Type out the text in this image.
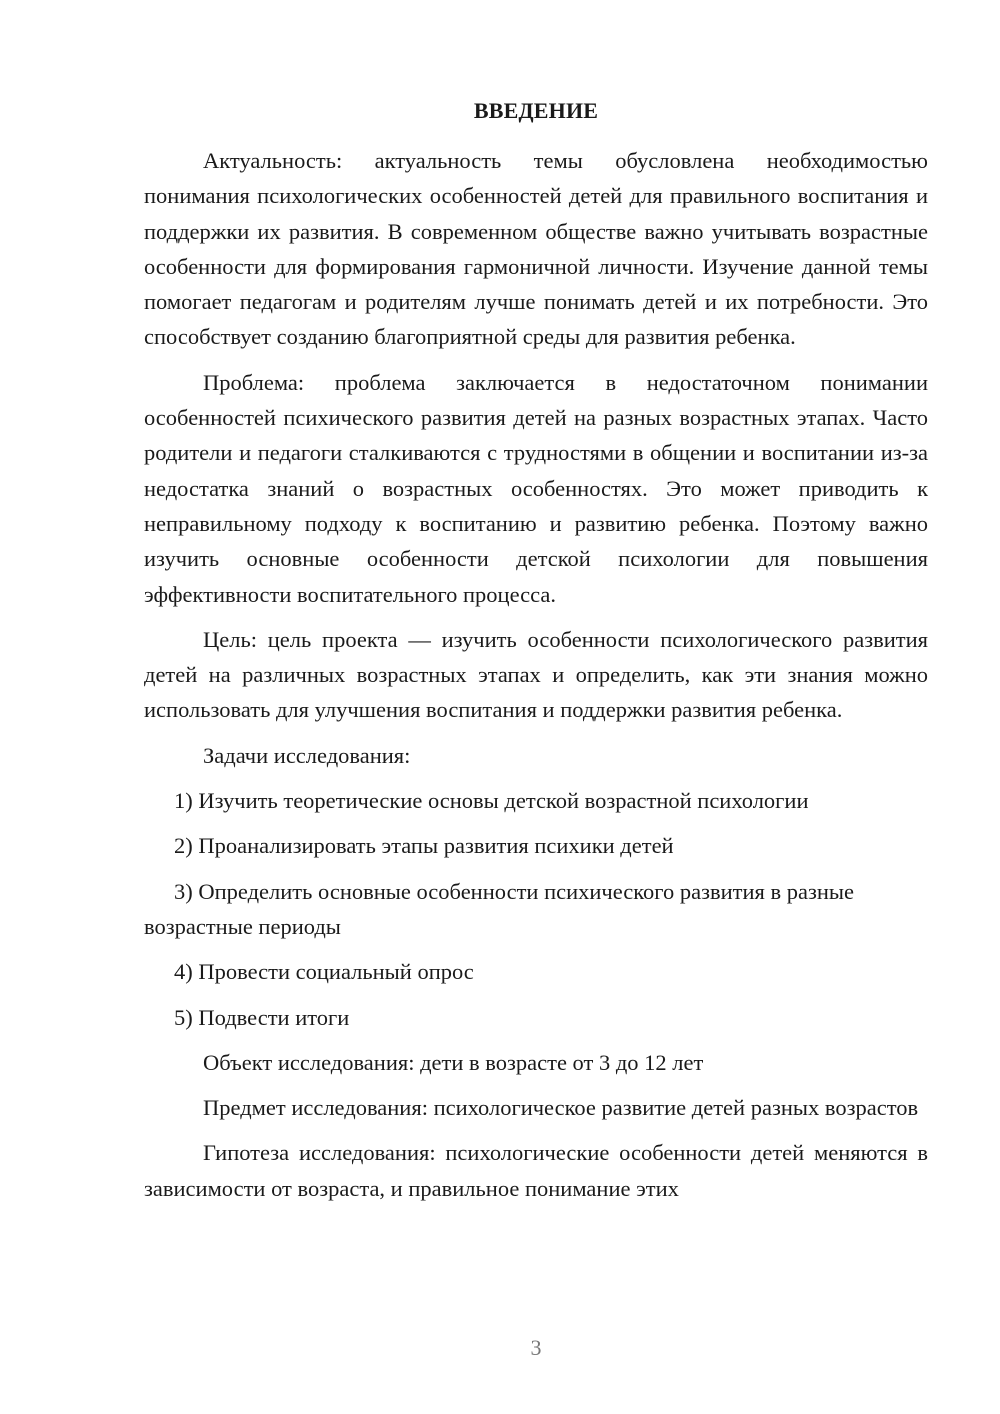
ВВЕДЕНИЕ

Актуальность: актуальность темы обусловлена необходимостью понимания психологических особенностей детей для правильного воспитания и поддержки их развития. В современном обществе важно учитывать возрастные особенности для формирования гармоничной личности. Изучение данной темы помогает педагогам и родителям лучше понимать детей и их потребности. Это способствует созданию благоприятной среды для развития ребенка.

Проблема: проблема заключается в недостаточном понимании особенностей психического развития детей на разных возрастных этапах. Часто родители и педагоги сталкиваются с трудностями в общении и воспитании из-за недостатка знаний о возрастных особенностях. Это может приводить к неправильному подходу к воспитанию и развитию ребенка. Поэтому важно изучить основные особенности детской психологии для повышения эффективности воспитательного процесса.

Цель: цель проекта — изучить особенности психологического развития детей на различных возрастных этапах и определить, как эти знания можно использовать для улучшения воспитания и поддержки развития ребенка.

Задачи исследования:

1) Изучить теоретические основы детской возрастной психологии

2) Проанализировать этапы развития психики детей

3) Определить основные особенности психического развития в разные возрастные периоды

4) Провести социальный опрос

5) Подвести итоги

Объект исследования: дети в возрасте от 3 до 12 лет

Предмет исследования: психологическое развитие детей разных возрастов

Гипотеза исследования: психологические особенности детей меняются в зависимости от возраста, и правильное понимание этих

3
